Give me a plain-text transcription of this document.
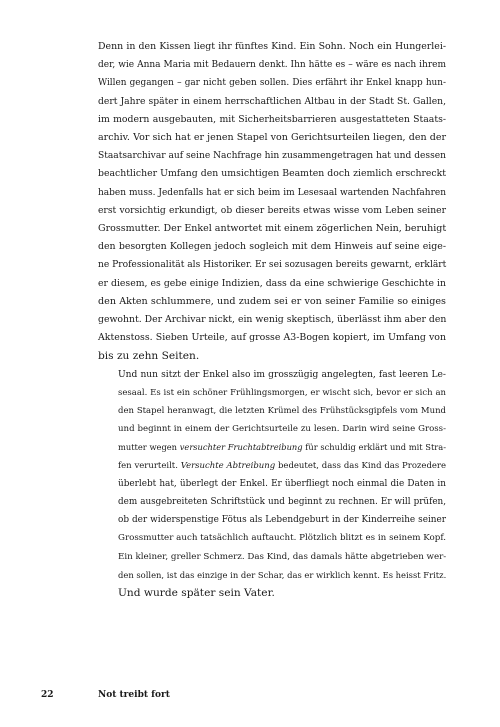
Denn in den Kissen liegt ihr fünftes Kind. Ein Sohn. Noch ein Hungerlei-
der, wie Anna Maria mit Bedauern denkt. Ihn hätte es – wäre es nach ihrem
Willen gegangen – gar nicht geben sollen. Dies erfährt ihr Enkel knapp hun-
dert Jahre später in einem herrschaftlichen Altbau in der Stadt St. Gallen,
im modern ausgebauten, mit Sicherheitsbarrieren ausgestatteten Staats-
archiv. Vor sich hat er jenen Stapel von Gerichtsurteilen liegen, den der
Staatsarchivar auf seine Nachfrage hin zusammengetragen hat und dessen
beachtlicher Umfang den umsichtigen Beamten doch ziemlich erschreckt
haben muss. Jedenfalls hat er sich beim im Lesesaal wartenden Nachfahren
erst vorsichtig erkundigt, ob dieser bereits etwas wisse vom Leben seiner
Grossmutter. Der Enkel antwortet mit einem zögerlichen Nein, beruhigt
den besorgten Kollegen jedoch sogleich mit dem Hinweis auf seine eige-
ne Professionalität als Historiker. Er sei sozusagen bereits gewarnt, erklärt
er diesem, es gebe einige Indizien, dass da eine schwierige Geschichte in
den Akten schlummere, und zudem sei er von seiner Familie so einiges
gewohnt. Der Archivar nickt, ein wenig skeptisch, überlässt ihm aber den
Aktenstoss. Sieben Urteile, auf grosse A3-Bogen kopiert, im Umfang von
bis zu zehn Seiten.
Und nun sitzt der Enkel also im grosszügig angelegten, fast leeren Le-
sesaal. Es ist ein schöner Frühlingsmorgen, er wischt sich, bevor er sich an
den Stapel heranwagt, die letzten Krümel des Frühstücksgipfels vom Mund
und beginnt in einem der Gerichtsurteile zu lesen. Darin wird seine Gross-
mutter wegen versuchter Fruchtabtreibung für schuldig erklärt und mit Stra-
fen verurteilt. Versuchte Abtreibung bedeutet, dass das Kind das Prozedere
überlebt hat, überlegt der Enkel. Er überfliegt noch einmal die Daten in
dem ausgebreiteten Schriftstück und beginnt zu rechnen. Er will prüfen,
ob der widerspenstige Fötus als Lebendgeburt in der Kinderreihe seiner
Grossmutter auch tatsächlich auftaucht. Plötzlich blitzt es in seinem Kopf.
Ein kleiner, greller Schmerz. Das Kind, das damals hätte abgetrieben wer-
den sollen, ist das einzige in der Schar, das er wirklich kennt. Es heisst Fritz.
Und wurde später sein Vater.
22	Not treibt fort
